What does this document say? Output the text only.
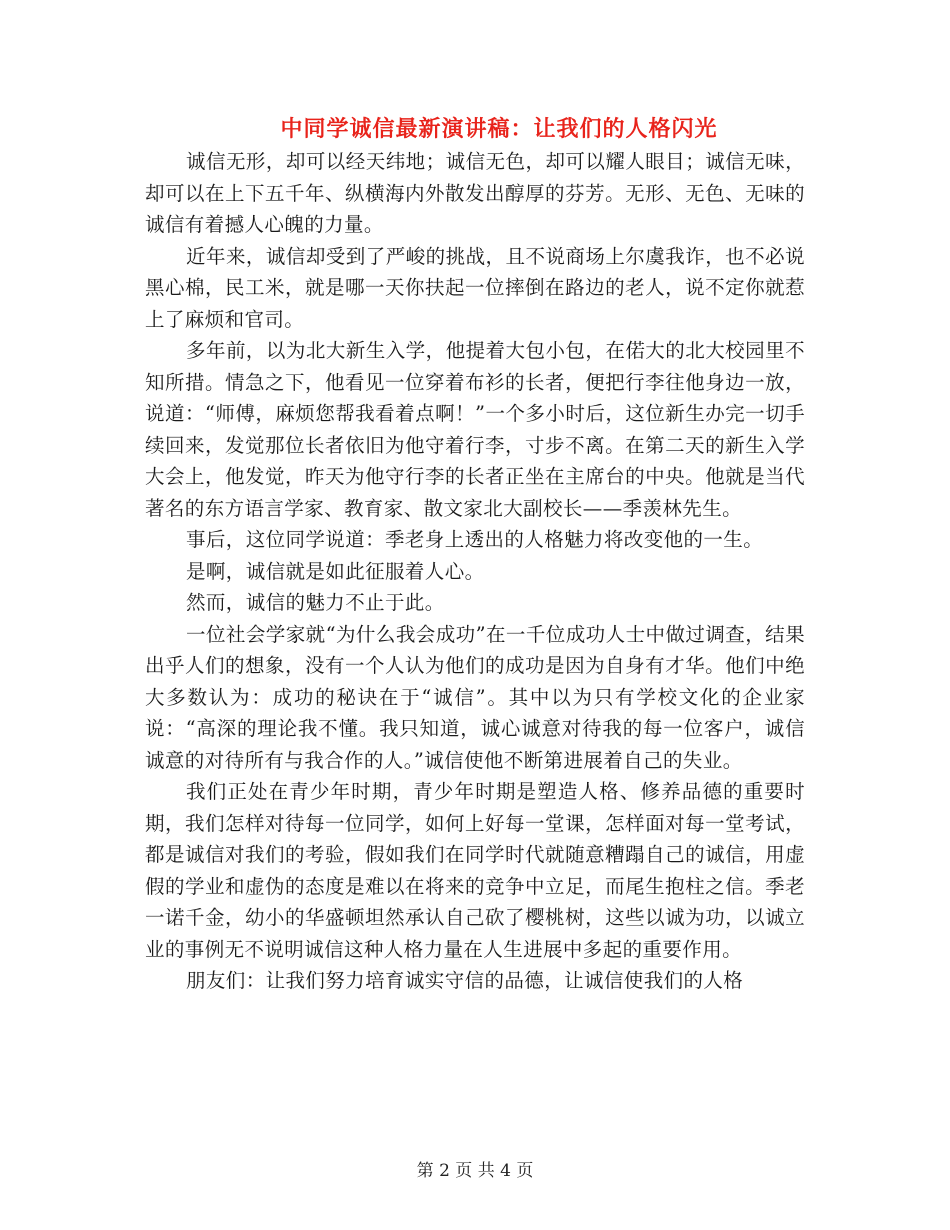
中同学诚信最新演讲稿：让我们的人格闪光

诚信无形，却可以经天纬地；诚信无色，却可以耀人眼目；诚信无味，却可以在上下五千年、纵横海内外散发出醇厚的芬芳。无形、无色、无味的诚信有着撼人心魄的力量。

近年来，诚信却受到了严峻的挑战，且不说商场上尔虞我诈，也不必说黑心棉，民工米，就是哪一天你扶起一位摔倒在路边的老人，说不定你就惹上了麻烦和官司。

多年前，以为北大新生入学，他提着大包小包，在偌大的北大校园里不知所措。情急之下，他看见一位穿着布衫的长者，便把行李往他身边一放，说道：“师傅，麻烦您帮我看着点啊！”一个多小时后，这位新生办完一切手续回来，发觉那位长者依旧为他守着行李，寸步不离。在第二天的新生入学大会上，他发觉，昨天为他守行李的长者正坐在主席台的中央。他就是当代著名的东方语言学家、教育家、散文家北大副校长——季羡林先生。

事后，这位同学说道：季老身上透出的人格魅力将改变他的一生。

是啊，诚信就是如此征服着人心。

然而，诚信的魅力不止于此。

一位社会学家就“为什么我会成功”在一千位成功人士中做过调查，结果出乎人们的想象，没有一个人认为他们的成功是因为自身有才华。他们中绝大多数认为：成功的秘诀在于“诚信”。其中以为只有学校文化的企业家说：“高深的理论我不懂。我只知道，诚心诚意对待我的每一位客户，诚信诚意的对待所有与我合作的人。”诚信使他不断第进展着自己的失业。

我们正处在青少年时期，青少年时期是塑造人格、修养品德的重要时期，我们怎样对待每一位同学，如何上好每一堂课，怎样面对每一堂考试，都是诚信对我们的考验，假如我们在同学时代就随意糟蹋自己的诚信，用虚假的学业和虚伪的态度是难以在将来的竞争中立足，而尾生抱柱之信。季老一诺千金，幼小的华盛顿坦然承认自己砍了樱桃树，这些以诚为功，以诚立业的事例无不说明诚信这种人格力量在人生进展中多起的重要作用。

朋友们：让我们努力培育诚实守信的品德，让诚信使我们的人格

第 2 页 共 4 页
